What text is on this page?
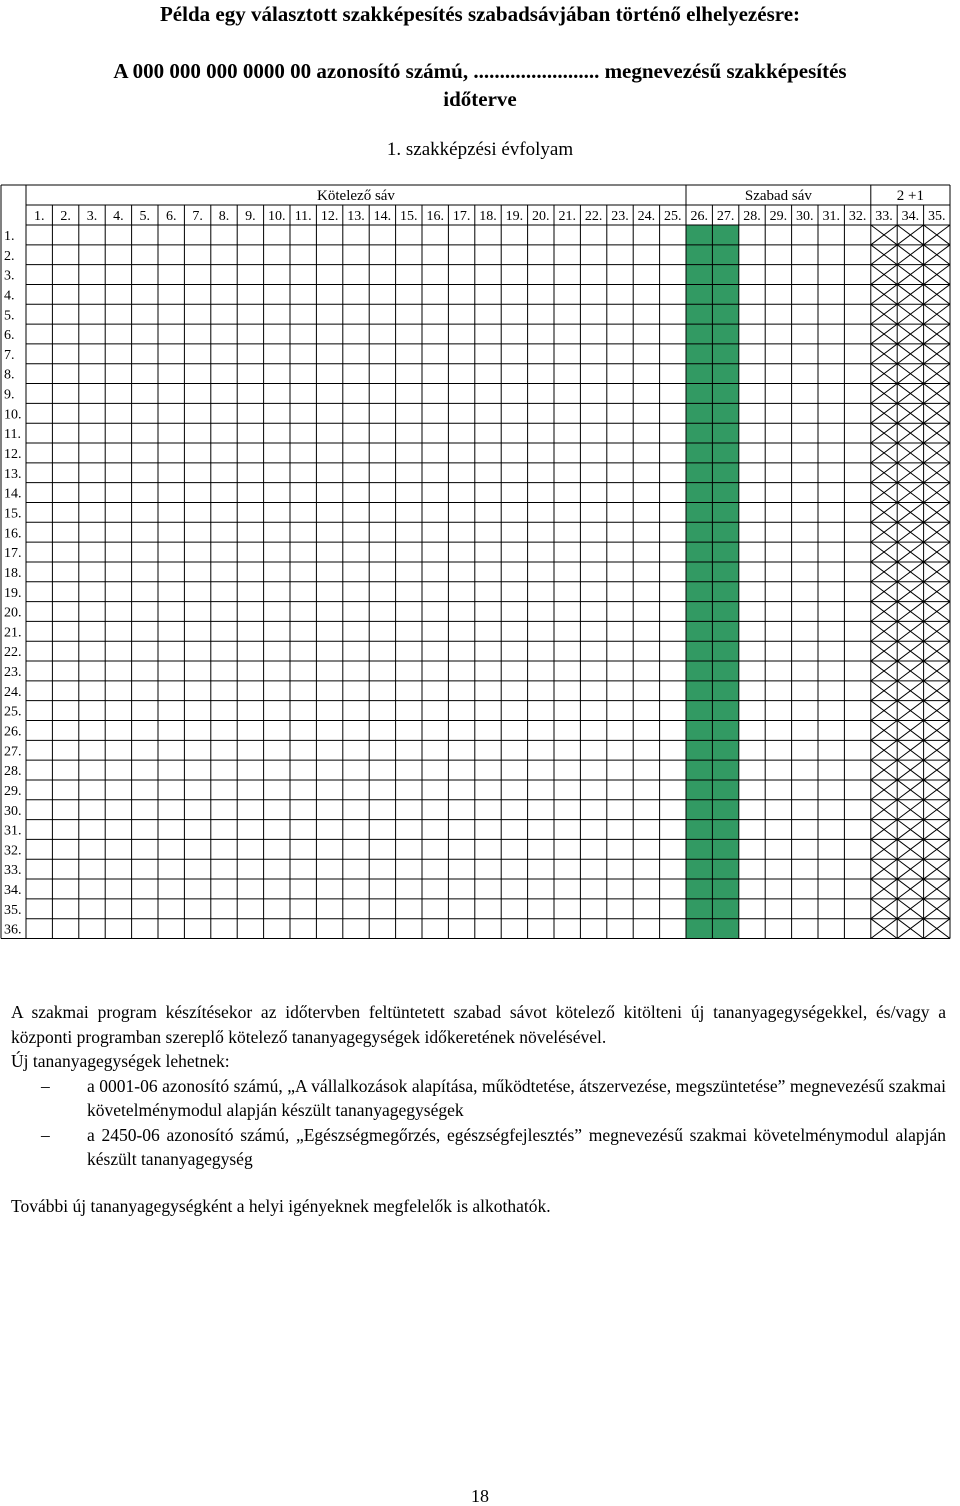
Példa egy választott szakképesítés szabadsávjában történő elhelyezésre:
A 000 000 000 0000 00 azonosító számú, ........................ megnevezésű szakképesítés
időterve
1. szakképzési évfolyam
Kötelező sáv	Szabad sáv	2 +1
1. 2. 3. 4. 5. 6. 7. 8. 9. 10. 11. 12. 13. 14. 15. 16. 17. 18. 19. 20. 21. 22. 23. 24. 25. 26. 27. 28. 29. 30. 31. 32. 33. 34. 35.
1.
2.
3.
4.
5.
6.
7.
8.
9.
10.
11.
12.
13.
14.
15.
16.
17.
18.
19.
20.
21.
22.
23.
24.
25.
26.
27.
28.
29.
30.
31.
32.
33.
34.
35.
36.

A szakmai program készítésekor az időtervben feltüntetett szabad sávot kötelező kitölteni új tananyagegységekkel, és/vagy a központi programban szereplő kötelező tananyagegységek időkeretének növelésével.

Új tananyagegységek lehetnek:

– a 0001-06 azonosító számú, „A vállalkozások alapítása, működtetése, átszervezése, megszüntetése” megnevezésű szakmai követelménymodul alapján készült tananyagegységek
– a 2450-06 azonosító számú, „Egészségmegőrzés, egészségfejlesztés” megnevezésű szakmai követelménymodul alapján készült tananyagegység

További új tananyagegységként a helyi igényeknek megfelelők is alkothatók.

18
